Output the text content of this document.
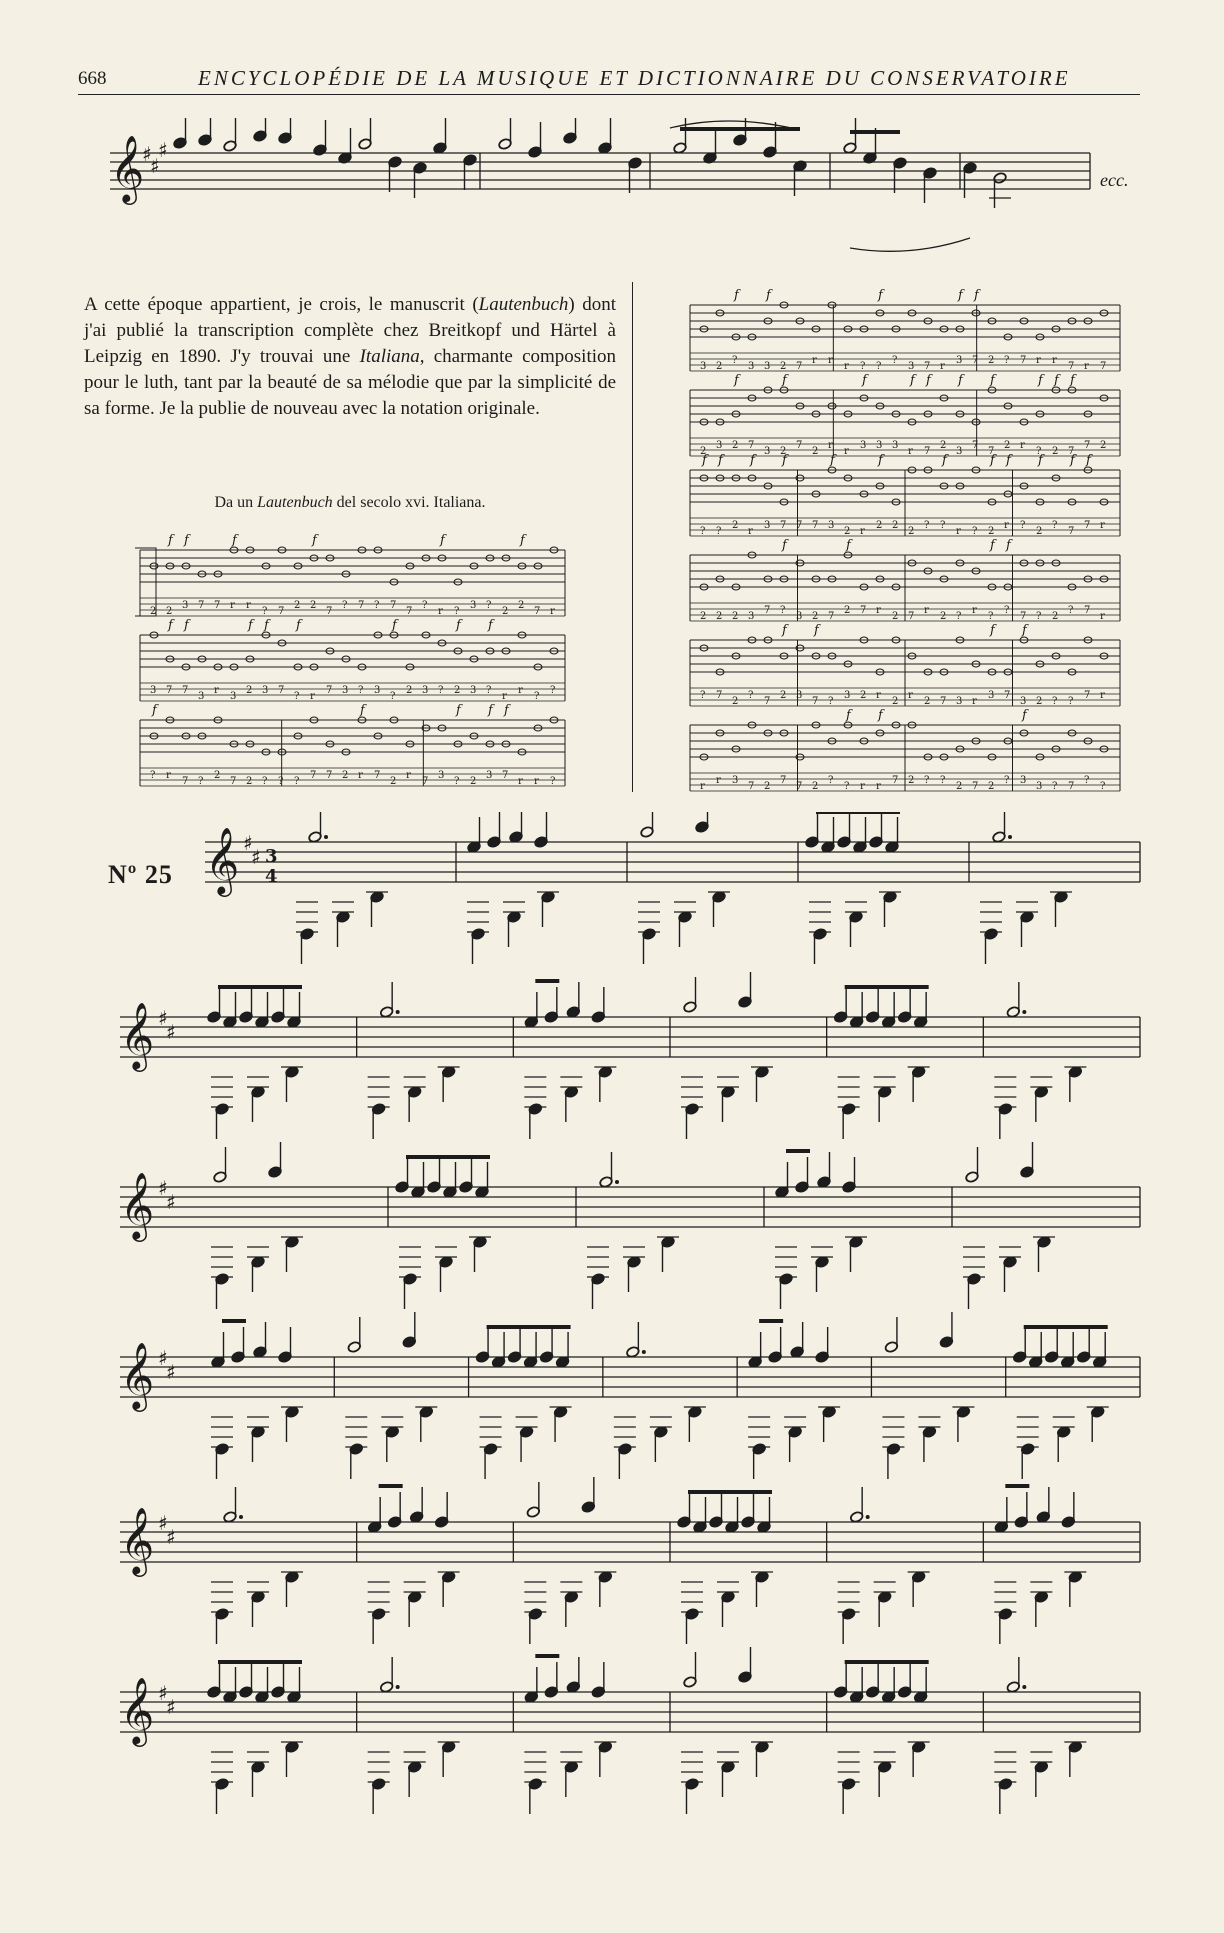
668	ENCYCLOPÉDIE DE LA MUSIQUE ET DICTIONNAIRE DU CONSERVATOIRE
𝄞
♯
♯
♯
ecc.

A cette époque appartient, je crois, le manuscrit (Lautenbuch) dont j'ai publié la transcription complète chez Breitkopf und Härtel à Leipzig en 1890. J'y trouvai une Italiana, charmante composition pour le luth, tant par la beauté de sa mélodie que par la simplicité de sa forme. Je la publie de nouveau avec la notation originale.

Da un Lautenbuch del secolo xvi. Italiana.
2 2
f
3
f
7 7 r
f
r
? 7
2 2
f
7
? 7 ? 7
7
?
r
f
?
3 ?
2
2
f
7 r
3 7
f
7
f
3
r
3
2
f
3
f
7
?
f
r
7 3 ? 3
?
f
2 3 ? 2
f
3 ?
f
r
r
?
?
?
f
r
7 ?
2
7 2 ? ? ?
7 7 2 r
f
7
2
r
7
3
?
f
2
3
f
7
f
r r ?
3 2
?
f
3 3
f
2 7
r r
r ? ?
f
?
3 7 r
3
f
7
f
2 ? 7 r r
7 r 7
2
3 2
f
7
3 2
f
7
2
r
r
3
f
3 3
r
f
7
f
2
3
f
7
7
f
2 r
?
f
2
f
7
f
7 2
?
f
?
f
2
r
f
3 7
f
7 7 3
f
2 r
2
f
2
2
? ?
f
r ? 2
f
r
f
?
2
f
?
7
f
7
f
r
2 2 2 3
7 ?
f
3 2 7
2
f
7 r
2 7
r
2 ?
r
?
f
?
f
7 ? 2
? 7
r
? 7
2
?
7
2
f
3
7
f
?
3 2 r
2
r
2 7 3 r
3
f
7
3
f
2 ? ?
7 r
r
r 3
7 2
7
7 2
?
?
f
r r
f
7 2 ? ?
2 7 2
? 3
f
3 ? 7
?
?
Nº 25 𝄞 ♯
♯ 3
4
𝄞 ♯
♯
𝄞 ♯
♯
𝄞 ♯
♯
𝄞 ♯
♯
𝄞 ♯
♯
